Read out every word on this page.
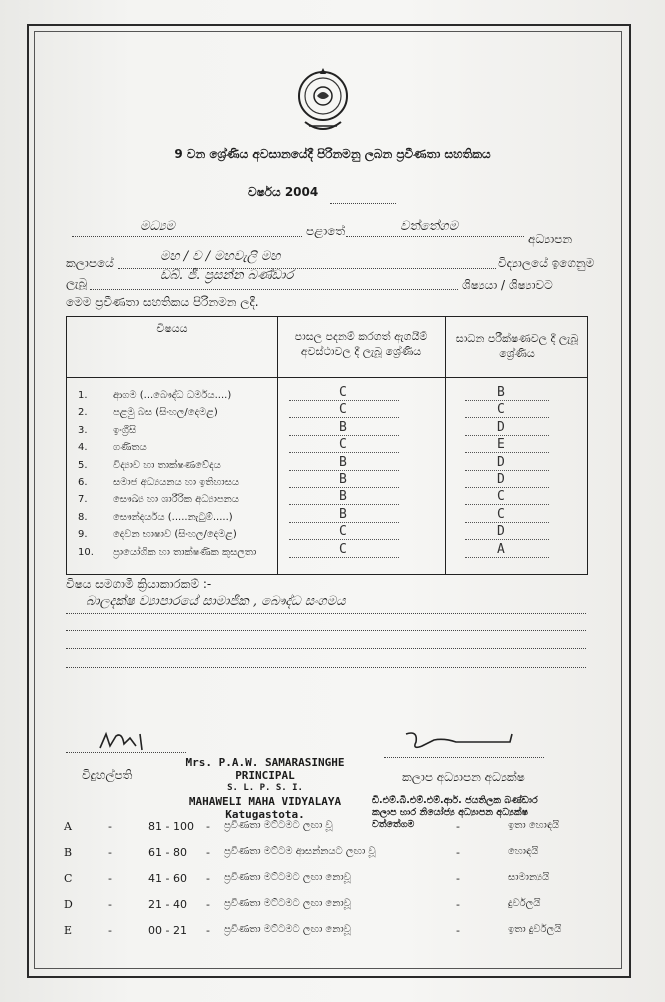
9 වන ශ්‍රේණිය අවසානයේදී පිරිනමනු ලබන ප්‍රවීණතා සහතිකය
වර්ෂය 2004
මධ්‍යම	පළාතේ	වත්තේගම
අධ්‍යාපන
කලාපයේ	මහ / ව / මහවැලි මහ	විද්‍යාලයේ ඉගෙනුම
ලැබූ	ඩබ්. ජී. ප්‍රසන්න බණ්ඩාර
ශිෂ්‍යයා / ශිෂ්‍යාවට
මෙම ප්‍රවීණතා සහතිකය පිරිනමන ලදී.
විෂයය
පාසල පදනම් කරගත් ඇගයීම් අවස්ථාවල දී ලැබූ ශ්‍රේණිය
සාධන පරීක්ෂණවල දී ලැබූ ශ්‍රේණිය
1.	ආගම (...බෞද්ධ ධර්මය....)	C	B
2.	පළමු බස (සිංහල/දෙමළ)	C	C
3.	ඉංග්‍රීසි	B	D
4.	ගණිතය	C	E
5.	විද්‍යාව හා තාක්ෂණවේදය	B	D
6.	සමාජ අධ්‍යයනය හා ඉතිහාසය	B	D
7.	සෞඛ්‍ය හා ශාරීරික අධ්‍යාපනය	B	C
8.	සෞන්දර්යය (.....නැටුම්.....)	B	C
9.	දෙවන භාෂාව (සිංහල/දෙමළ)	C	D
10. ප්‍රායෝගික හා තාක්ෂණික කුසලතා	C	A
විෂය සමගාමී ක්‍රියාකාරකම් :-
බාලදක්ෂ ව්‍යාපාරයේ සාමාජික , බෞද්ධ සංගමය
Mrs. P.A.W. SAMARASINGHE
PRINCIPAL
S. L. P. S. I.
MAHAWELI MAHA VIDYALAYA
Katugastota.
විදුහල්පති	කලාප අධ්‍යාපන අධ්‍යක්ෂ
ඩී.එම්.බී.එම්.එම්.ආර්. ජයතිලක බණ්ඩාර
කලාප භාර නියෝජ්‍ය අධ්‍යාපන අධ්‍යක්ෂ
වත්තේගම
A	-	81 - 100 - ප්‍රවීණතා මට්ටමට ලඟා වූ	-	ඉතා හොඳයි
B	-	61 - 80 - ප්‍රවීණතා මට්ටම ආසන්නයට ලඟා වූ	-	හොඳයි
C	-	41 - 60 - ප්‍රවීණතා මට්ටමට ලඟා නොවූ	-	සාමාන්‍යයි
D	-	21 - 40 - ප්‍රවීණතා මට්ටමට ලඟා නොවූ	-	දුර්වලයි
E	-	00 - 21 - ප්‍රවීණතා මට්ටමට ලඟා නොවූ	-	ඉතා දුර්වලයි
